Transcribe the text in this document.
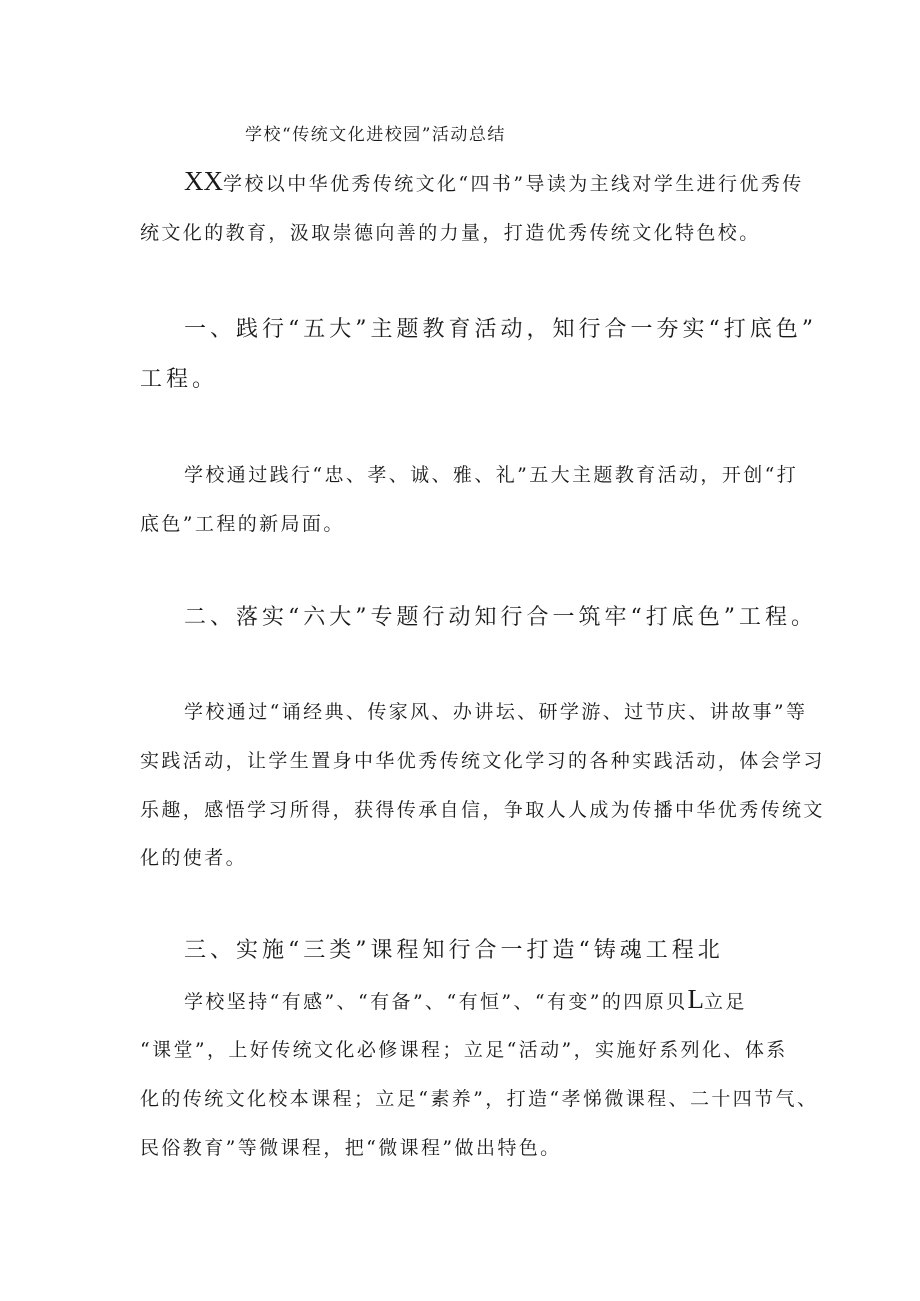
学校“传统文化进校园”活动总结
XX学校以中华优秀传统文化“四书”导读为主线对学生进行优秀传
统文化的教育，汲取崇德向善的力量，打造优秀传统文化特色校。
一、践行“五大”主题教育活动，知行合一夯实“打底色”
工程。
学校通过践行“忠、孝、诚、雅、礼”五大主题教育活动，开创“打
底色”工程的新局面。
二、落实“六大”专题行动知行合一筑牢“打底色”工程。
学校通过“诵经典、传家风、办讲坛、研学游、过节庆、讲故事”等
实践活动，让学生置身中华优秀传统文化学习的各种实践活动，体会学习
乐趣，感悟学习所得，获得传承自信，争取人人成为传播中华优秀传统文
化的使者。
三、实施“三类”课程知行合一打造“铸魂工程北
学校坚持“有感”、“有备”、“有恒”、“有变”的四原贝L立足
“课堂”，上好传统文化必修课程；立足“活动”，实施好系列化、体系
化的传统文化校本课程；立足“素养”，打造“孝悌微课程、二十四节气、
民俗教育”等微课程，把“微课程”做出特色。
